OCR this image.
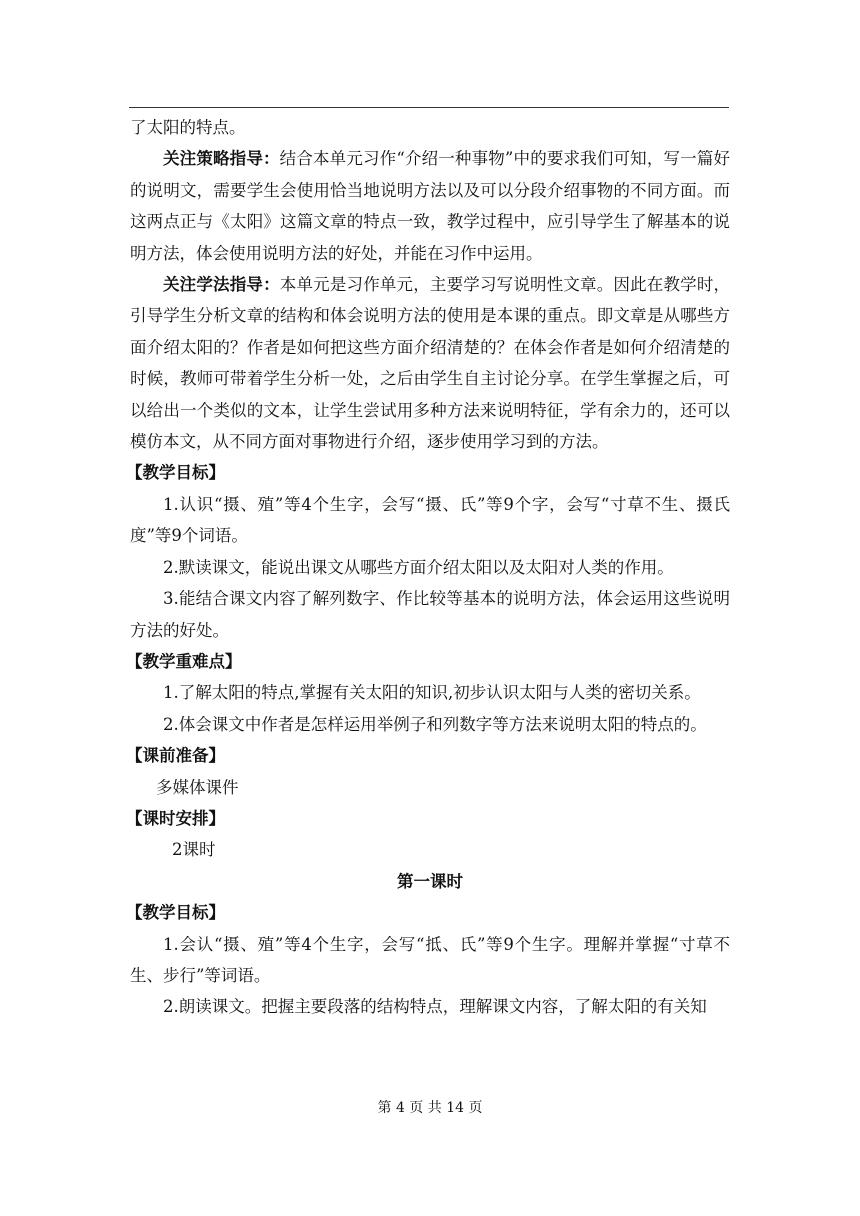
了太阳的特点。

关注策略指导：结合本单元习作“介绍一种事物”中的要求我们可知，写一篇好的说明文，需要学生会使用恰当地说明方法以及可以分段介绍事物的不同方面。而这两点正与《太阳》这篇文章的特点一致，教学过程中，应引导学生了解基本的说明方法，体会使用说明方法的好处，并能在习作中运用。

关注学法指导：本单元是习作单元，主要学习写说明性文章。因此在教学时，引导学生分析文章的结构和体会说明方法的使用是本课的重点。即文章是从哪些方面介绍太阳的？作者是如何把这些方面介绍清楚的？在体会作者是如何介绍清楚的时候，教师可带着学生分析一处，之后由学生自主讨论分享。在学生掌握之后，可以给出一个类似的文本，让学生尝试用多种方法来说明特征，学有余力的，还可以模仿本文，从不同方面对事物进行介绍，逐步使用学习到的方法。

【教学目标】

1.认识“摄、殖”等4个生字，会写“摄、氏”等9个字，会写“寸草不生、摄氏度”等9个词语。

2.默读课文，能说出课文从哪些方面介绍太阳以及太阳对人类的作用。

3.能结合课文内容了解列数字、作比较等基本的说明方法，体会运用这些说明方法的好处。

【教学重难点】

1.了解太阳的特点,掌握有关太阳的知识,初步认识太阳与人类的密切关系。

2.体会课文中作者是怎样运用举例子和列数字等方法来说明太阳的特点的。

【课前准备】

多媒体课件

【课时安排】

2课时

第一课时

【教学目标】

1.会认“摄、殖”等4个生字，会写“抵、氏”等9个生字。理解并掌握“寸草不生、步行”等词语。

2.朗读课文。把握主要段落的结构特点，理解课文内容，了解太阳的有关知

第 4 页 共 14 页
